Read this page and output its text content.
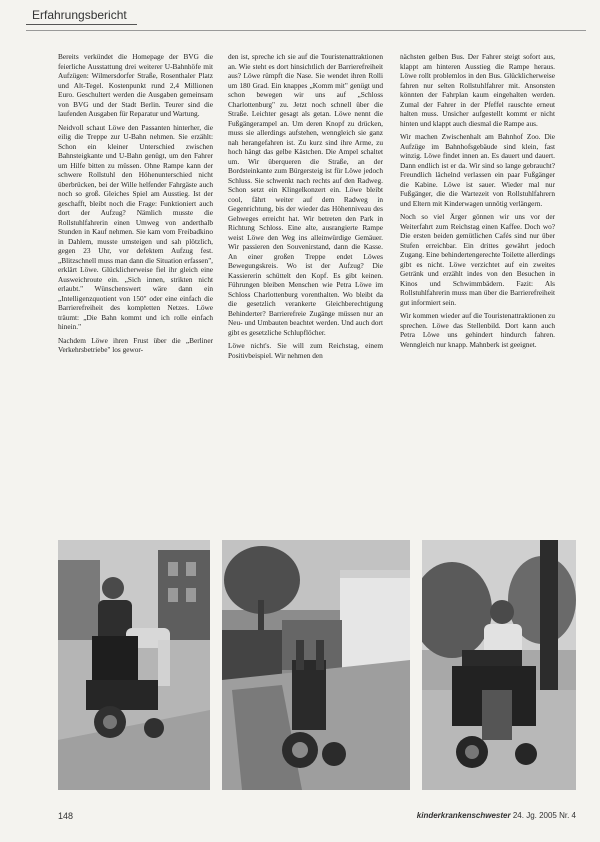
Erfahrungsbericht

Bereits verkündet die Homepage der BVG die feierliche Ausstattung drei weiterer U-Bahnhöfe mit Aufzügen: Wilmersdorfer Straße, Rosenthaler Platz und Alt-Tegel. Kostenpunkt rund 2,4 Millionen Euro. Geschultert werden die Ausgaben gemeinsam von BVG und der Stadt Berlin. Teurer sind die laufenden Ausgaben für Reparatur und Wartung.

Neidvoll schaut Löwe den Passanten hinterher, die eilig die Treppe zur U-Bahn nehmen. Sie erzählt: Schon ein kleiner Unterschied zwischen Bahnsteigkante und U-Bahn genügt, um den Fahrer um Hilfe bitten zu müssen. Ohne Rampe kann der schwere Rollstuhl den Höhenunterschied nicht überbrücken, bei der Wille helfender Fahrgäste auch noch so groß. Gleiches Spiel am Ausstieg. Ist der geschafft, bleibt noch die Frage: Funktioniert auch dort der Aufzug? Nämlich musste die Rollstuhlfahrerin einen Umweg von anderthalb Stunden in Kauf nehmen. Sie kam vom Freibadkino in Dahlem, musste umsteigen und sah plötzlich, gegen 23 Uhr, vor defektem Aufzug fest. „Blitzschnell muss man dann die Situation erfassen", erklärt Löwe. Glücklicherweise fiel ihr gleich eine Ausweichroute ein. „Sich innen, strikten nicht erlaubt." Wünschenswert wäre dann ein „Intelligenzquotient von 150" oder eine einfach die Barrierefreiheit des kompletten Netzes. Löwe träumt: „Die Bahn kommt und ich rolle einfach hinein."

Nachdem Löwe ihren Frust über die „Berliner Verkehrsbetriebe" los gewor-

den ist, spreche ich sie auf die Touristenattraktionen an. Wie steht es dort hinsichtlich der Barrierefreiheit aus? Löwe rümpft die Nase. Sie wendet ihren Rolli um 180 Grad. Ein knappes „Komm mit" genügt und schon bewegen wir uns auf „Schloss Charlottenburg" zu. Jetzt noch schnell über die Straße. Leichter gesagt als getan. Löwe nennt die Fußgängerampel an. Um deren Knopf zu drücken, muss sie allerdings aufstehen, wenngleich sie ganz nah herangefahren ist. Zu kurz sind ihre Arme, zu hoch hängt das gelbe Kästchen. Die Ampel schaltet um. Wir überqueren die Straße, an der Bordsteinkante zum Bürgersteig ist für Löwe jedoch Schluss. Sie schwenkt nach rechts auf den Radweg. Schon setzt ein Klingelkonzert ein. Löwe bleibt cool, fährt weiter auf dem Radweg in Gegenrichtung, bis der wieder das Höhenniveau des Gehweges erreicht hat. Wir betreten den Park in Richtung Schloss. Eine alte, ausrangierte Rampe weist Löwe den Weg ins alleinwürdige Gemäuer. Wir passieren den Souvenirstand, dann die Kasse. An einer großen Treppe endet Löwes Bewegungskreis. Wo ist der Aufzug? Die Kassiererin schüttelt den Kopf. Es gibt keinen. Führungen bleiben Menschen wie Petra Löwe im Schloss Charlottenburg vorenthalten. Wo bleibt da die gesetzlich verankerte Gleichberechtigung Behinderter? Barrierefreie Zugänge müssen nur an Neu- und Umbauten beachtet werden. Und auch dort gibt es gesetzliche Schlupflöcher.

Löwe nicht's. Sie will zum Reichstag, einem Positivbeispiel. Wir nehmen den

nächsten gelben Bus. Der Fahrer steigt sofort aus, klappt am hinteren Ausstieg die Rampe heraus. Löwe rollt problemlos in den Bus. Glücklicherweise fahren nur selten Rollstuhlfahrer mit. Ansonsten könnten der Fahrplan kaum eingehalten werden. Zumal der Fahrer in der Pfeffel rauschte erneut halten muss. Unsicher aufgestellt kommt er nicht hinten und klappt auch diesmal die Rampe aus.

Wir machen Zwischenhalt am Bahnhof Zoo. Die Aufzüge im Bahnhofsgebäude sind klein, fast winzig. Löwe findet innen an. Es dauert und dauert. Dann endlich ist er da. Wir sind so lange gebraucht? Freundlich lächelnd verlassen ein paar Fußgänger die Kabine. Löwe ist sauer. Wieder mal nur Fußgänger, die die Wartezeit von Rollstuhlfahrern und Eltern mit Kinderwagen unnötig verlängern.

Noch so viel Ärger gönnen wir uns vor der Weiterfahrt zum Reichstag einen Kaffee. Doch wo? Die ersten beiden gemütlichen Cafés sind nur über Stufen erreichbar. Ein drittes gewährt jedoch Zugang. Eine behindertengerechte Toilette allerdings gibt es nicht. Löwe verzichtet auf ein zweites Getränk und erzählt indes von den Besuchen in Kinos und Schwimmbädern. Fazit: Als Rollstuhlfahrerin muss man über die Barrierefreiheit gut informiert sein.

Wir kommen wieder auf die Touristenattraktionen zu sprechen. Löwe das Stellenbild. Dort kann auch Petra Löwe uns gehindert hindurch fahren. Wenngleich nur knapp. Mahnberk ist geeignet.

148	kinderkrankenschwester 24. Jg. 2005 Nr. 4
